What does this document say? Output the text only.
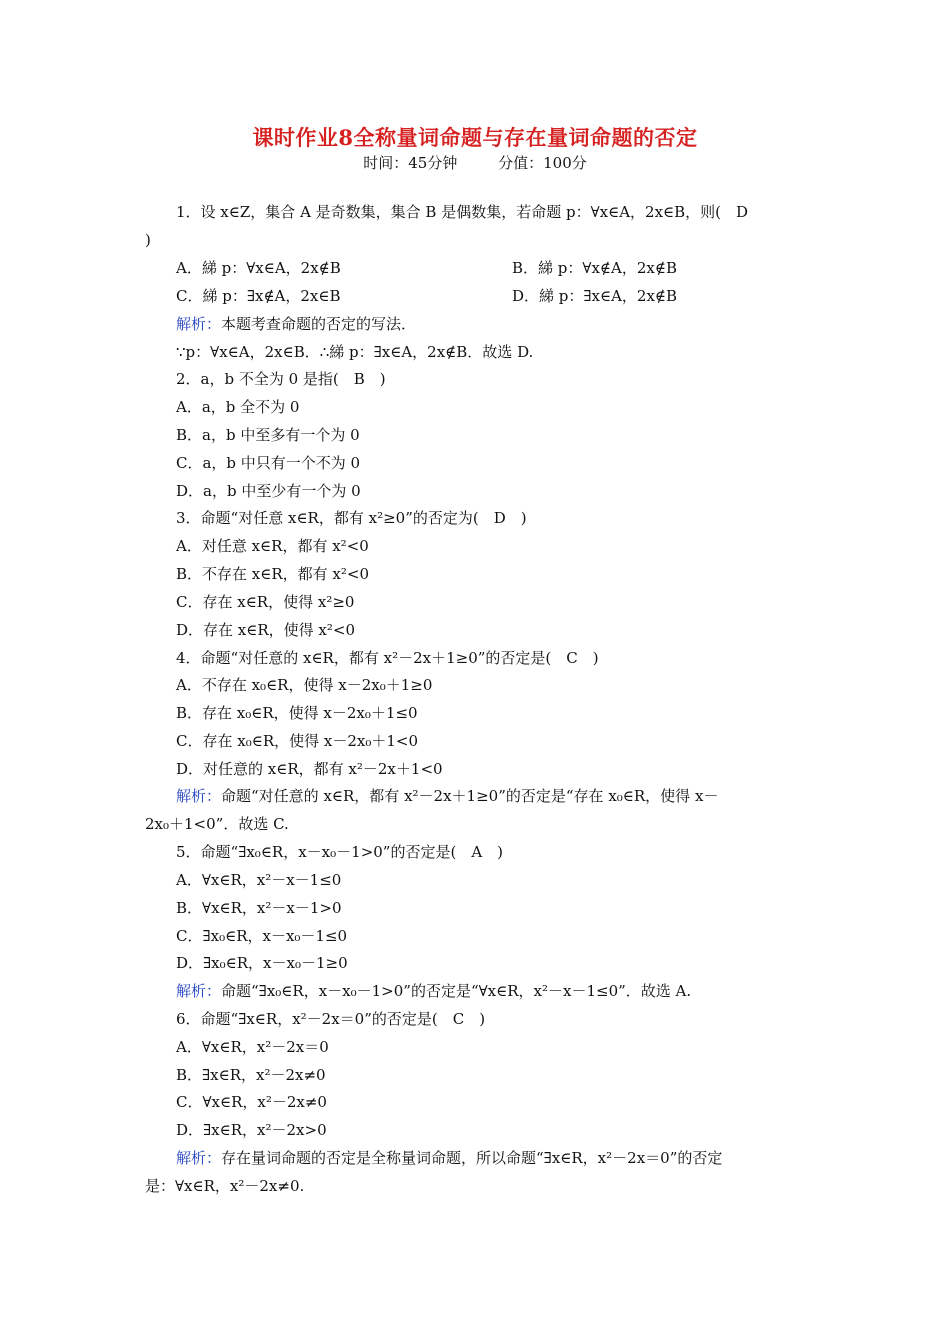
课时作业8全称量词命题与存在量词命题的否定
时间：45分钟	分值：100分
1．设 x∈Z，集合 A 是奇数集，集合 B 是偶数集，若命题 p：∀x∈A，2x∈B，则(　D
)
A．綈 p：∀x∈A，2x∉B	B．綈 p：∀x∉A，2x∉B
C．綈 p：∃x∉A，2x∈B	D．綈 p：∃x∈A，2x∉B
解析：本题考查命题的否定的写法．
∵p：∀x∈A，2x∈B．∴綈 p：∃x∈A，2x∉B．故选 D.
2．a，b 不全为 0 是指(　B　)
A．a，b 全不为 0
B．a，b 中至多有一个为 0
C．a，b 中只有一个不为 0
D．a，b 中至少有一个为 0
3．命题“对任意 x∈R，都有 x²≥0”的否定为(　D　)
A．对任意 x∈R，都有 x²<0
B．不存在 x∈R，都有 x²<0
C．存在 x∈R，使得 x²≥0
D．存在 x∈R，使得 x²<0
4．命题“对任意的 x∈R，都有 x²－2x＋1≥0”的否定是(　C　)
A．不存在 x₀∈R，使得 x－2x₀＋1≥0
B．存在 x₀∈R，使得 x－2x₀＋1≤0
C．存在 x₀∈R，使得 x－2x₀＋1<0
D．对任意的 x∈R，都有 x²－2x＋1<0
解析：命题“对任意的 x∈R，都有 x²－2x＋1≥0”的否定是“存在 x₀∈R，使得 x－
2x₀＋1<0”．故选 C.
5．命题“∃x₀∈R，x－x₀－1>0”的否定是(　A　)
A．∀x∈R，x²－x－1≤0
B．∀x∈R，x²－x－1>0
C．∃x₀∈R，x－x₀－1≤0
D．∃x₀∈R，x－x₀－1≥0
解析：命题“∃x₀∈R，x－x₀－1>0”的否定是“∀x∈R，x²－x－1≤0”．故选 A.
6．命题“∃x∈R，x²－2x＝0”的否定是(　C　)
A．∀x∈R，x²－2x＝0
B．∃x∈R，x²－2x≠0
C．∀x∈R，x²－2x≠0
D．∃x∈R，x²－2x>0
解析：存在量词命题的否定是全称量词命题，所以命题“∃x∈R，x²－2x＝0”的否定
是：∀x∈R，x²－2x≠0.
